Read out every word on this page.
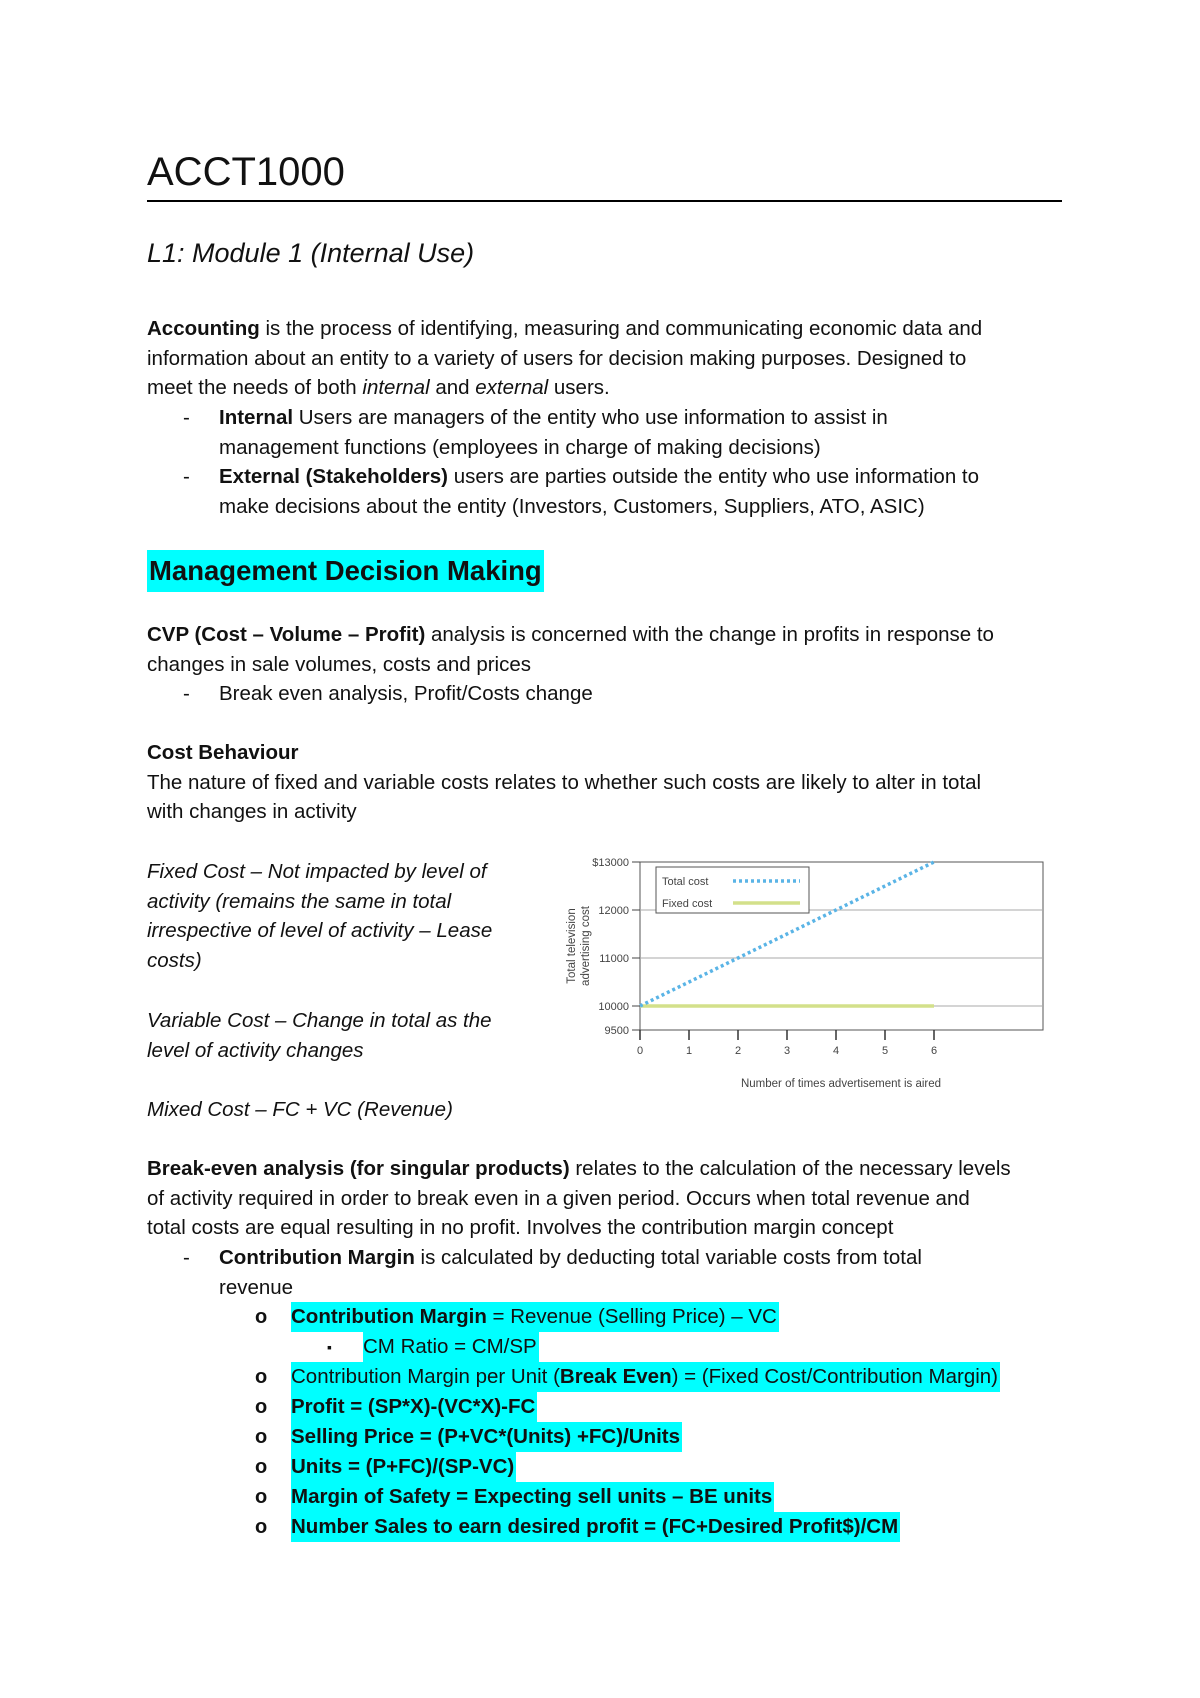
ACCT1000
L1: Module 1 (Internal Use)
Accounting is the process of identifying, measuring and communicating economic data and
information about an entity to a variety of users for decision making purposes. Designed to
meet the needs of both internal and external users.
- Internal Users are managers of the entity who use information to assist in
management functions (employees in charge of making decisions)
- External (Stakeholders) users are parties outside the entity who use information to
make decisions about the entity (Investors, Customers, Suppliers, ATO, ASIC)
Management Decision Making
CVP (Cost – Volume – Profit) analysis is concerned with the change in profits in response to
changes in sale volumes, costs and prices
- Break even analysis, Profit/Costs change
Cost Behaviour
The nature of fixed and variable costs relates to whether such costs are likely to alter in total
with changes in activity
Fixed Cost – Not impacted by level of
activity (remains the same in total
irrespective of level of activity – Lease
costs)
Variable Cost – Change in total as the
level of activity changes
Mixed Cost – FC + VC (Revenue)
Break-even analysis (for singular products) relates to the calculation of the necessary levels
of activity required in order to break even in a given period. Occurs when total revenue and
total costs are equal resulting in no profit. Involves the contribution margin concept
- Contribution Margin is calculated by deducting total variable costs from total
revenue
o	Contribution Margin = Revenue (Selling Price) – VC
▪ CM Ratio = CM/SP
o	Contribution Margin per Unit (Break Even) = (Fixed Cost/Contribution Margin)
o	Profit = (SP*X)-(VC*X)-FC
o	Selling Price = (P+VC*(Units) +FC)/Units
o	Units = (P+FC)/(SP-VC)
o	Margin of Safety = Expecting sell units – BE units
o	Number Sales to earn desired profit = (FC+Desired Profit$)/CM
9500
10000
11000
12000
$13000
0	1	2	3	4	5	6
Number of times advertisement is aired
Total television advertising cost
Total cost
Fixed cost
